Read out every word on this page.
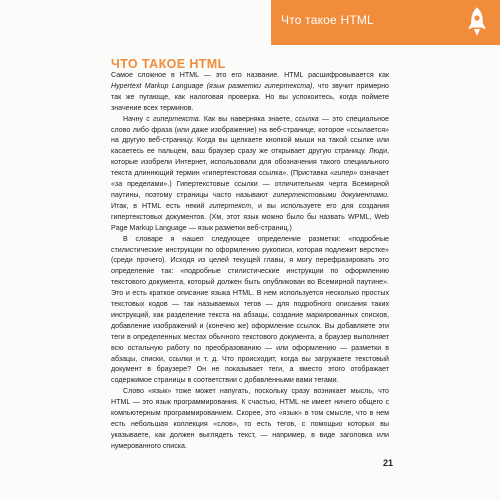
Что такое HTML
ЧТО ТАКОЕ HTML

Самое сложное в HTML — это его название. HTML расшифровывается как Hypertext Markup Language (язык разметки гипертекста), что звучит примерно так же пугающе, как налоговая проверка. Но вы успокоитесь, когда поймете значение всех терминов.

Начну с гипертекста. Как вы наверняка знаете, ссылка — это специальное слово либо фраза (или даже изображение) на веб-странице, которое «ссылается» на другую веб-страницу. Когда вы щелкаете кнопкой мыши на такой ссылке или касаетесь ее пальцем, ваш браузер сразу же открывает другую страницу. Люди, которые изобрели Интернет, использовали для обозначения такого специального текста длиннющий термин «гипертекстовая ссылка». (Приставка «гипер» означает «за пределами».) Гипертекстовые ссылки — отличительная черта Всемирной паутины, поэтому страницы часто называют гипертекстовыми документами. Итак, в HTML есть некий гипертекст, и вы используете его для создания гипертекстовых документов. (Хм, этот язык можно было бы назвать WPML, Web Page Markup Language — язык разметки веб-страниц.)

В словаре я нашел следующее определение разметки: «подробные стилистические инструкции по оформлению рукописи, которая подлежит верстке» (среди прочего). Исходя из целей текущей главы, я могу перефразировать это определение так: «подробные стилистические инструкции по оформлению текстового документа, который должен быть опубликован во Всемирной паутине». Это и есть краткое описание языка HTML. В нем используется несколько простых текстовых кодов — так называемых тегов — для подробного описания таких инструкций, как разделение текста на абзацы, создание маркированных списков, добавление изображений и (конечно же) оформление ссылок. Вы добавляете эти теги в определенных местах обычного текстового документа, а браузер выполняет всю остальную работу по преобразованию — или оформлению — разметки в абзацы, списки, ссылки и т. д. Что происходит, когда вы загружаете текстовый документ в браузере? Он не показывает теги, а вместо этого отображает содержимое страницы в соответствии с добавленными вами тегами.

Слово «язык» тоже может напугать, поскольку сразу возникает мысль, что HTML — это язык программирования. К счастью, HTML не имеет ничего общего с компьютерным программированием. Скорее, это «язык» в том смысле, что в нем есть небольшая коллекция «слов», то есть тегов, с помощью которых вы указываете, как должен выглядеть текст, — например, в виде заголовка или нумерованного списка.

21
